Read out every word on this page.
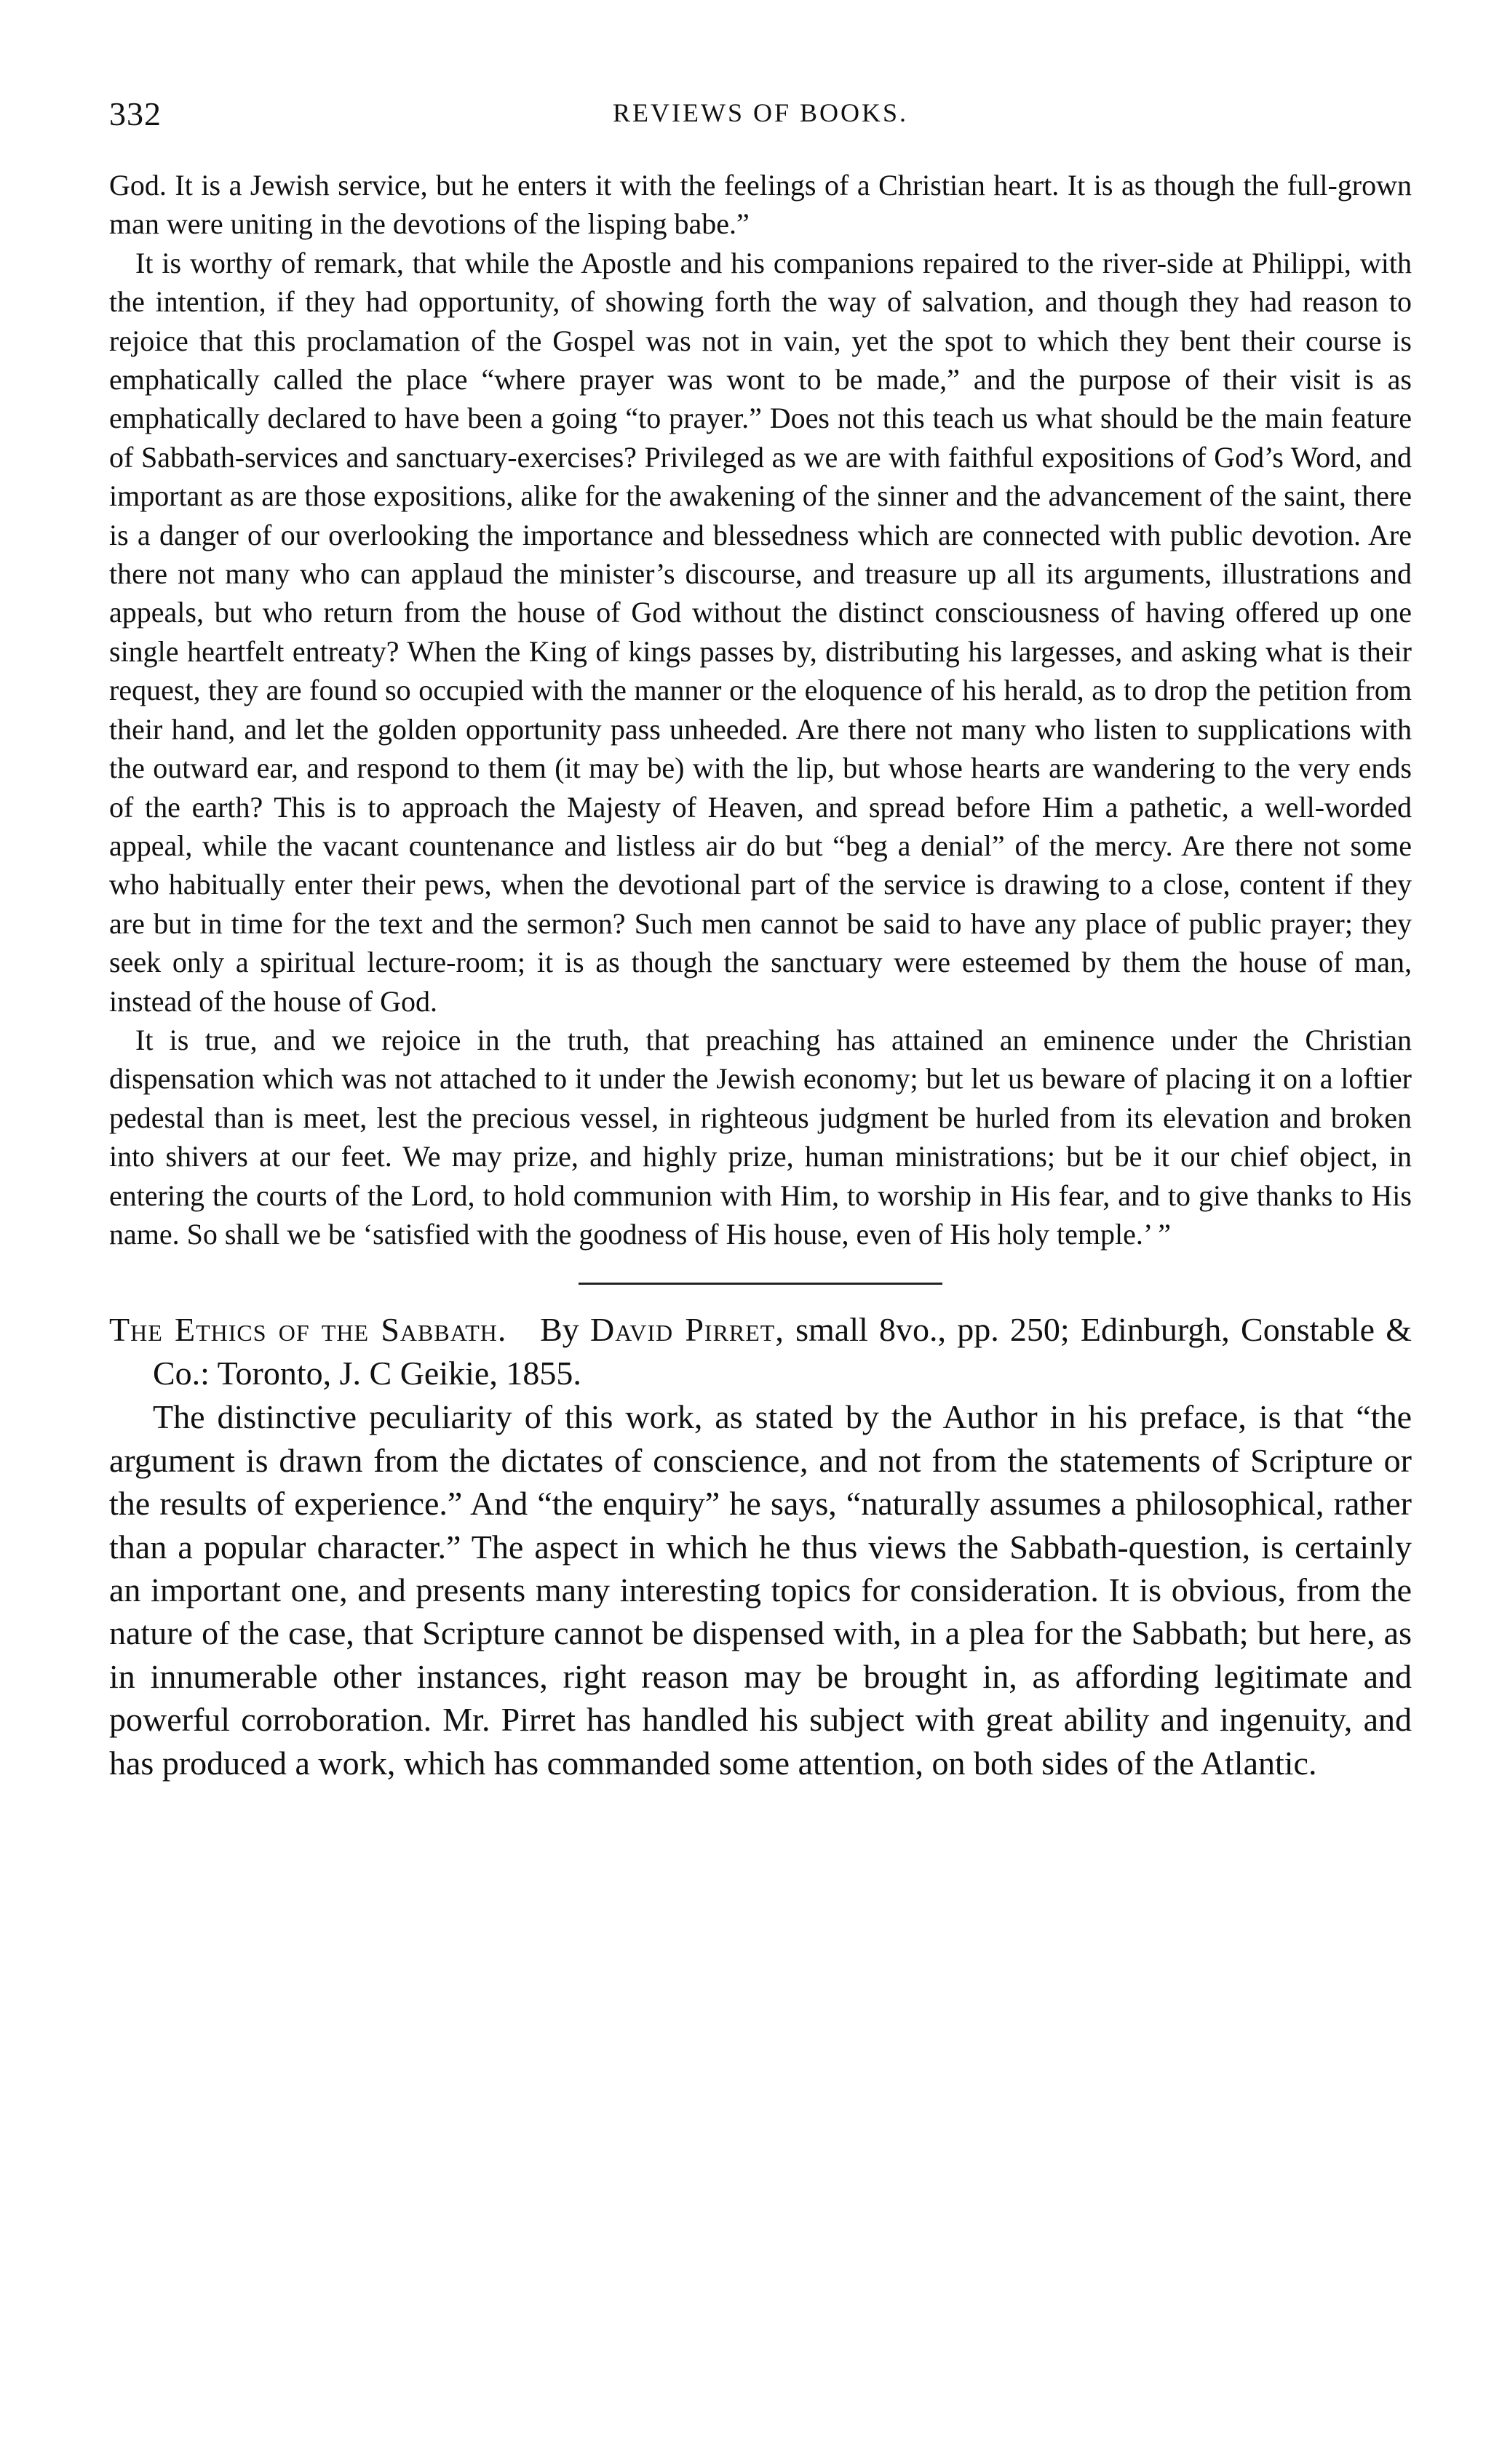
332	REVIEWS OF BOOKS.

God. It is a Jewish service, but he enters it with the feelings of a Christian heart. It is as though the full-grown man were uniting in the devotions of the lisping babe.”

It is worthy of remark, that while the Apostle and his companions repaired to the river-side at Philippi, with the intention, if they had opportunity, of showing forth the way of salvation, and though they had reason to rejoice that this proclamation of the Gospel was not in vain, yet the spot to which they bent their course is emphatically called the place “where prayer was wont to be made,” and the purpose of their visit is as emphatically declared to have been a going “to prayer.” Does not this teach us what should be the main feature of Sabbath-services and sanctuary-exercises? Privileged as we are with faithful expositions of God’s Word, and important as are those expositions, alike for the awakening of the sinner and the advancement of the saint, there is a danger of our overlooking the importance and blessedness which are connected with public devotion. Are there not many who can applaud the minister’s discourse, and treasure up all its arguments, illustrations and appeals, but who return from the house of God without the distinct consciousness of having offered up one single heartfelt entreaty? When the King of kings passes by, distributing his largesses, and asking what is their request, they are found so occupied with the manner or the eloquence of his herald, as to drop the petition from their hand, and let the golden opportunity pass unheeded. Are there not many who listen to supplications with the outward ear, and respond to them (it may be) with the lip, but whose hearts are wandering to the very ends of the earth? This is to approach the Majesty of Heaven, and spread before Him a pathetic, a well-worded appeal, while the vacant countenance and listless air do but “beg a denial” of the mercy. Are there not some who habitually enter their pews, when the devotional part of the service is drawing to a close, content if they are but in time for the text and the sermon? Such men cannot be said to have any place of public prayer; they seek only a spiritual lecture-room; it is as though the sanctuary were esteemed by them the house of man, instead of the house of God.

It is true, and we rejoice in the truth, that preaching has attained an eminence under the Christian dispensation which was not attached to it under the Jewish economy; but let us beware of placing it on a loftier pedestal than is meet, lest the precious vessel, in righteous judgment be hurled from its elevation and broken into shivers at our feet. We may prize, and highly prize, human ministrations; but be it our chief object, in entering the courts of the Lord, to hold communion with Him, to worship in His fear, and to give thanks to His name. So shall we be ‘satisfied with the goodness of His house, even of His holy temple.’ ”

The Ethics of the Sabbath. By David Pirret, small 8vo., pp. 250; Edinburgh, Constable & Co.: Toronto, J. C Geikie, 1855.

The distinctive peculiarity of this work, as stated by the Author in his preface, is that “the argument is drawn from the dictates of conscience, and not from the statements of Scripture or the results of experience.” And “the enquiry” he says, “naturally assumes a philosophical, rather than a popular character.” The aspect in which he thus views the Sabbath-question, is certainly an important one, and presents many interesting topics for consideration. It is obvious, from the nature of the case, that Scripture cannot be dispensed with, in a plea for the Sabbath; but here, as in innumerable other instances, right reason may be brought in, as affording legitimate and powerful corroboration. Mr. Pirret has handled his subject with great ability and ingenuity, and has produced a work, which has commanded some attention, on both sides of the Atlantic.
